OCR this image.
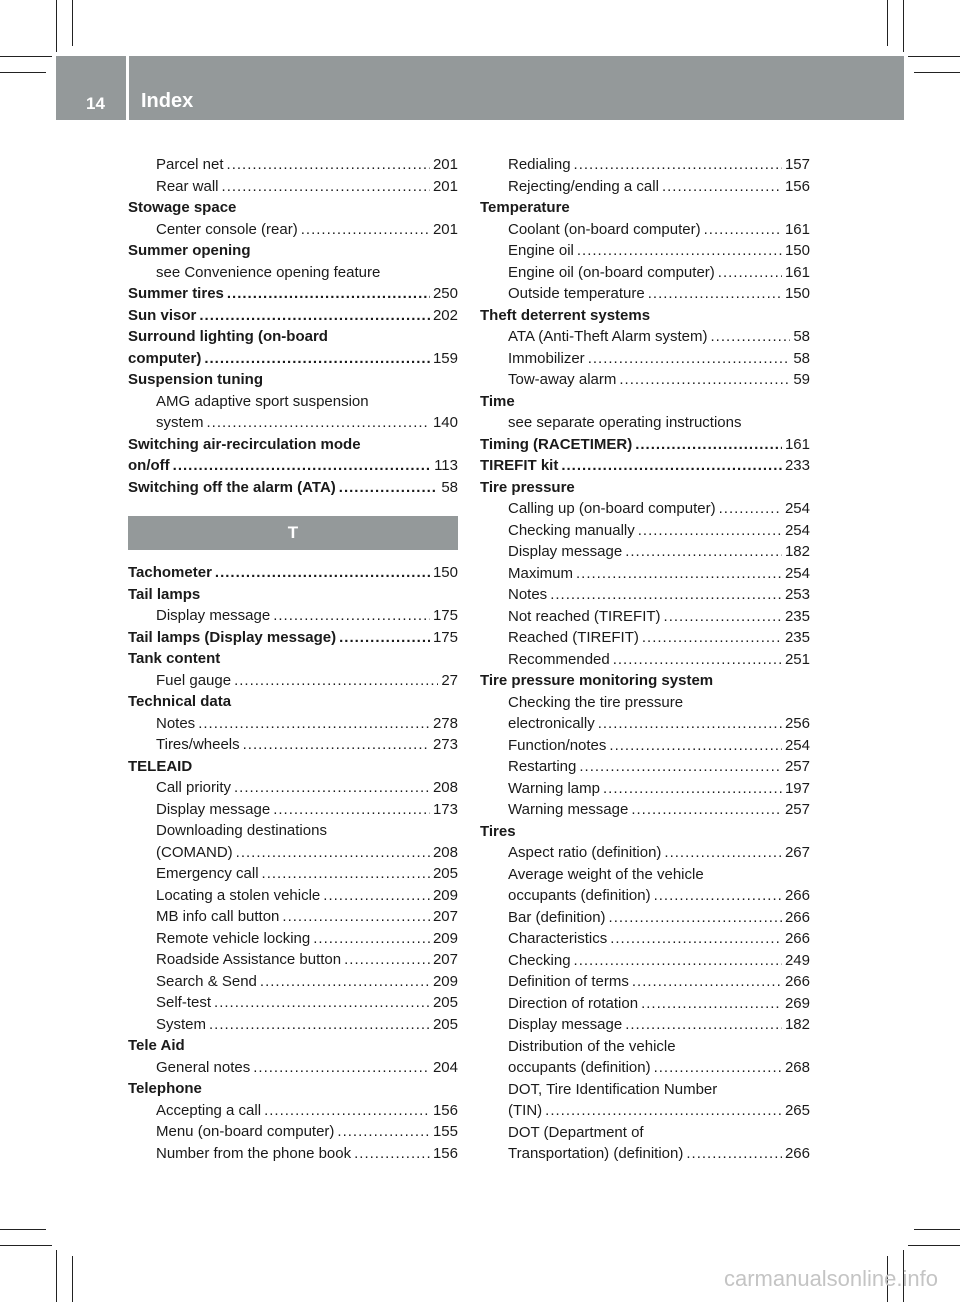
14 Index
Parcel net .....	201
Rear wall .....	201
Stowage space
Center console (rear) .....	201
Summer opening
see Convenience opening feature
Summer tires .....	250
Sun visor .....	202
Surround lighting (on-board
computer) .....	159
Suspension tuning
AMG adaptive sport suspension
system .....	140
Switching air-recirculation mode
on/off .....	113
Switching off the alarm (ATA) .....	58
T
Tachometer .....	150
Tail lamps
Display message .....	175
Tail lamps (Display message) .....	175
Tank content
Fuel gauge .....	27
Technical data
Notes .....	278
Tires/wheels .....	273
TELEAID
Call priority .....	208
Display message .....	173
Downloading destinations
(COMAND) .....	208
Emergency call .....	205
Locating a stolen vehicle .....	209
MB info call button .....	207
Remote vehicle locking .....	209
Roadside Assistance button .....	207
Search & Send .....	209
Self-test .....	205
System .....	205
Tele Aid
General notes .....	204
Telephone
Accepting a call .....	156
Menu (on-board computer) .....	155
Number from the phone book .....	156
Redialing .....	157
Rejecting/ending a call .....	156
Temperature
Coolant (on-board computer) .....	161
Engine oil .....	150
Engine oil (on-board computer) .....	161
Outside temperature .....	150
Theft deterrent systems
ATA (Anti-Theft Alarm system) .....	58
Immobilizer .....	58
Tow-away alarm .....	59
Time
see separate operating instructions
Timing (RACETIMER) .....	161
TIREFIT kit .....	233
Tire pressure
Calling up (on-board computer) .....	254
Checking manually .....	254
Display message .....	182
Maximum .....	254
Notes .....	253
Not reached (TIREFIT) .....	235
Reached (TIREFIT) .....	235
Recommended .....	251
Tire pressure monitoring system
Checking the tire pressure
electronically .....	256
Function/notes .....	254
Restarting .....	257
Warning lamp .....	197
Warning message .....	257
Tires
Aspect ratio (definition) .....	267
Average weight of the vehicle
occupants (definition) .....	266
Bar (definition) .....	266
Characteristics .....	266
Checking .....	249
Definition of terms .....	266
Direction of rotation .....	269
Display message .....	182
Distribution of the vehicle
occupants (definition) .....	268
DOT, Tire Identification Number
(TIN) .....	265
DOT (Department of
Transportation) (definition) .....	266
carmanualsonline.info
